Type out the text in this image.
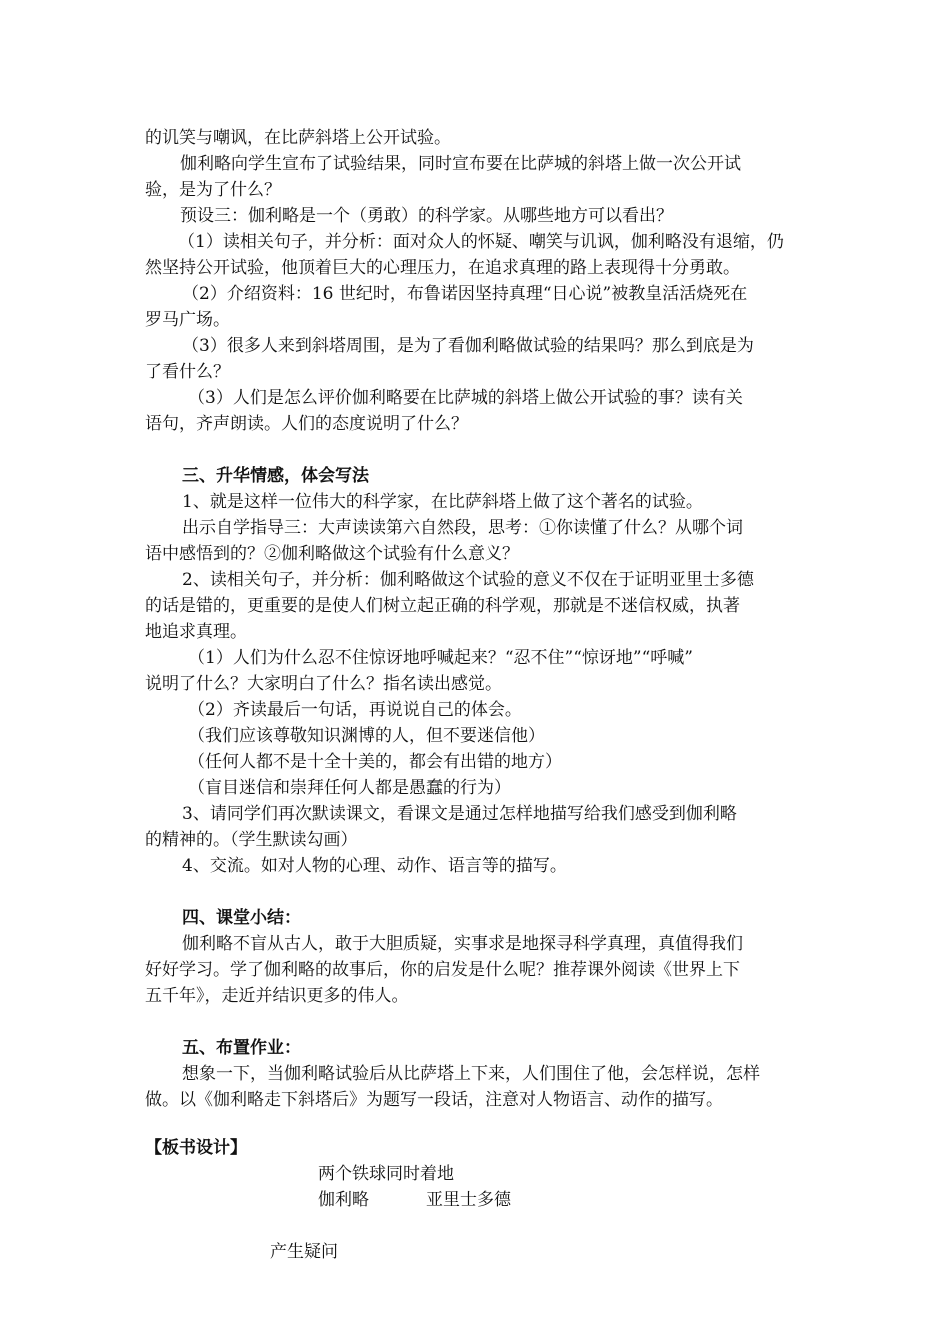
的讥笑与嘲讽，在比萨斜塔上公开试验。
伽利略向学生宣布了试验结果，同时宣布要在比萨城的斜塔上做一次公开试
验，是为了什么？
预设三：伽利略是一个（勇敢）的科学家。从哪些地方可以看出？
（1）读相关句子，并分析：面对众人的怀疑、嘲笑与讥讽，伽利略没有退缩，仍
然坚持公开试验，他顶着巨大的心理压力，在追求真理的路上表现得十分勇敢。
（2）介绍资料：16 世纪时，布鲁诺因坚持真理“日心说”被教皇活活烧死在
罗马广场。
（3）很多人来到斜塔周围，是为了看伽利略做试验的结果吗？那么到底是为
了看什么？
（3）人们是怎么评价伽利略要在比萨城的斜塔上做公开试验的事？读有关
语句，齐声朗读。人们的态度说明了什么？
三、升华情感，体会写法
1、就是这样一位伟大的科学家，在比萨斜塔上做了这个著名的试验。
出示自学指导三：大声读读第六自然段，思考：①你读懂了什么？从哪个词
语中感悟到的？②伽利略做这个试验有什么意义？
2、读相关句子，并分析：伽利略做这个试验的意义不仅在于证明亚里士多德
的话是错的，更重要的是使人们树立起正确的科学观，那就是不迷信权威，执著
地追求真理。
（1）人们为什么忍不住惊讶地呼喊起来？“忍不住”“惊讶地”“呼喊”
说明了什么？大家明白了什么？指名读出感觉。
（2）齐读最后一句话，再说说自己的体会。
（我们应该尊敬知识渊博的人，但不要迷信他）
（任何人都不是十全十美的，都会有出错的地方）
（盲目迷信和崇拜任何人都是愚蠢的行为）
3、请同学们再次默读课文，看课文是通过怎样地描写给我们感受到伽利略
的精神的。（学生默读勾画）
4、交流。如对人物的心理、动作、语言等的描写。
四、课堂小结：
伽利略不盲从古人，敢于大胆质疑，实事求是地探寻科学真理，真值得我们
好好学习。学了伽利略的故事后，你的启发是什么呢？推荐课外阅读《世界上下
五千年》，走近并结识更多的伟人。
五、布置作业：
想象一下，当伽利略试验后从比萨塔上下来，人们围住了他，会怎样说，怎样
做。以《伽利略走下斜塔后》为题写一段话，注意对人物语言、动作的描写。
【板书设计】
两个铁球同时着地
伽利略	亚里士多德
产生疑问
